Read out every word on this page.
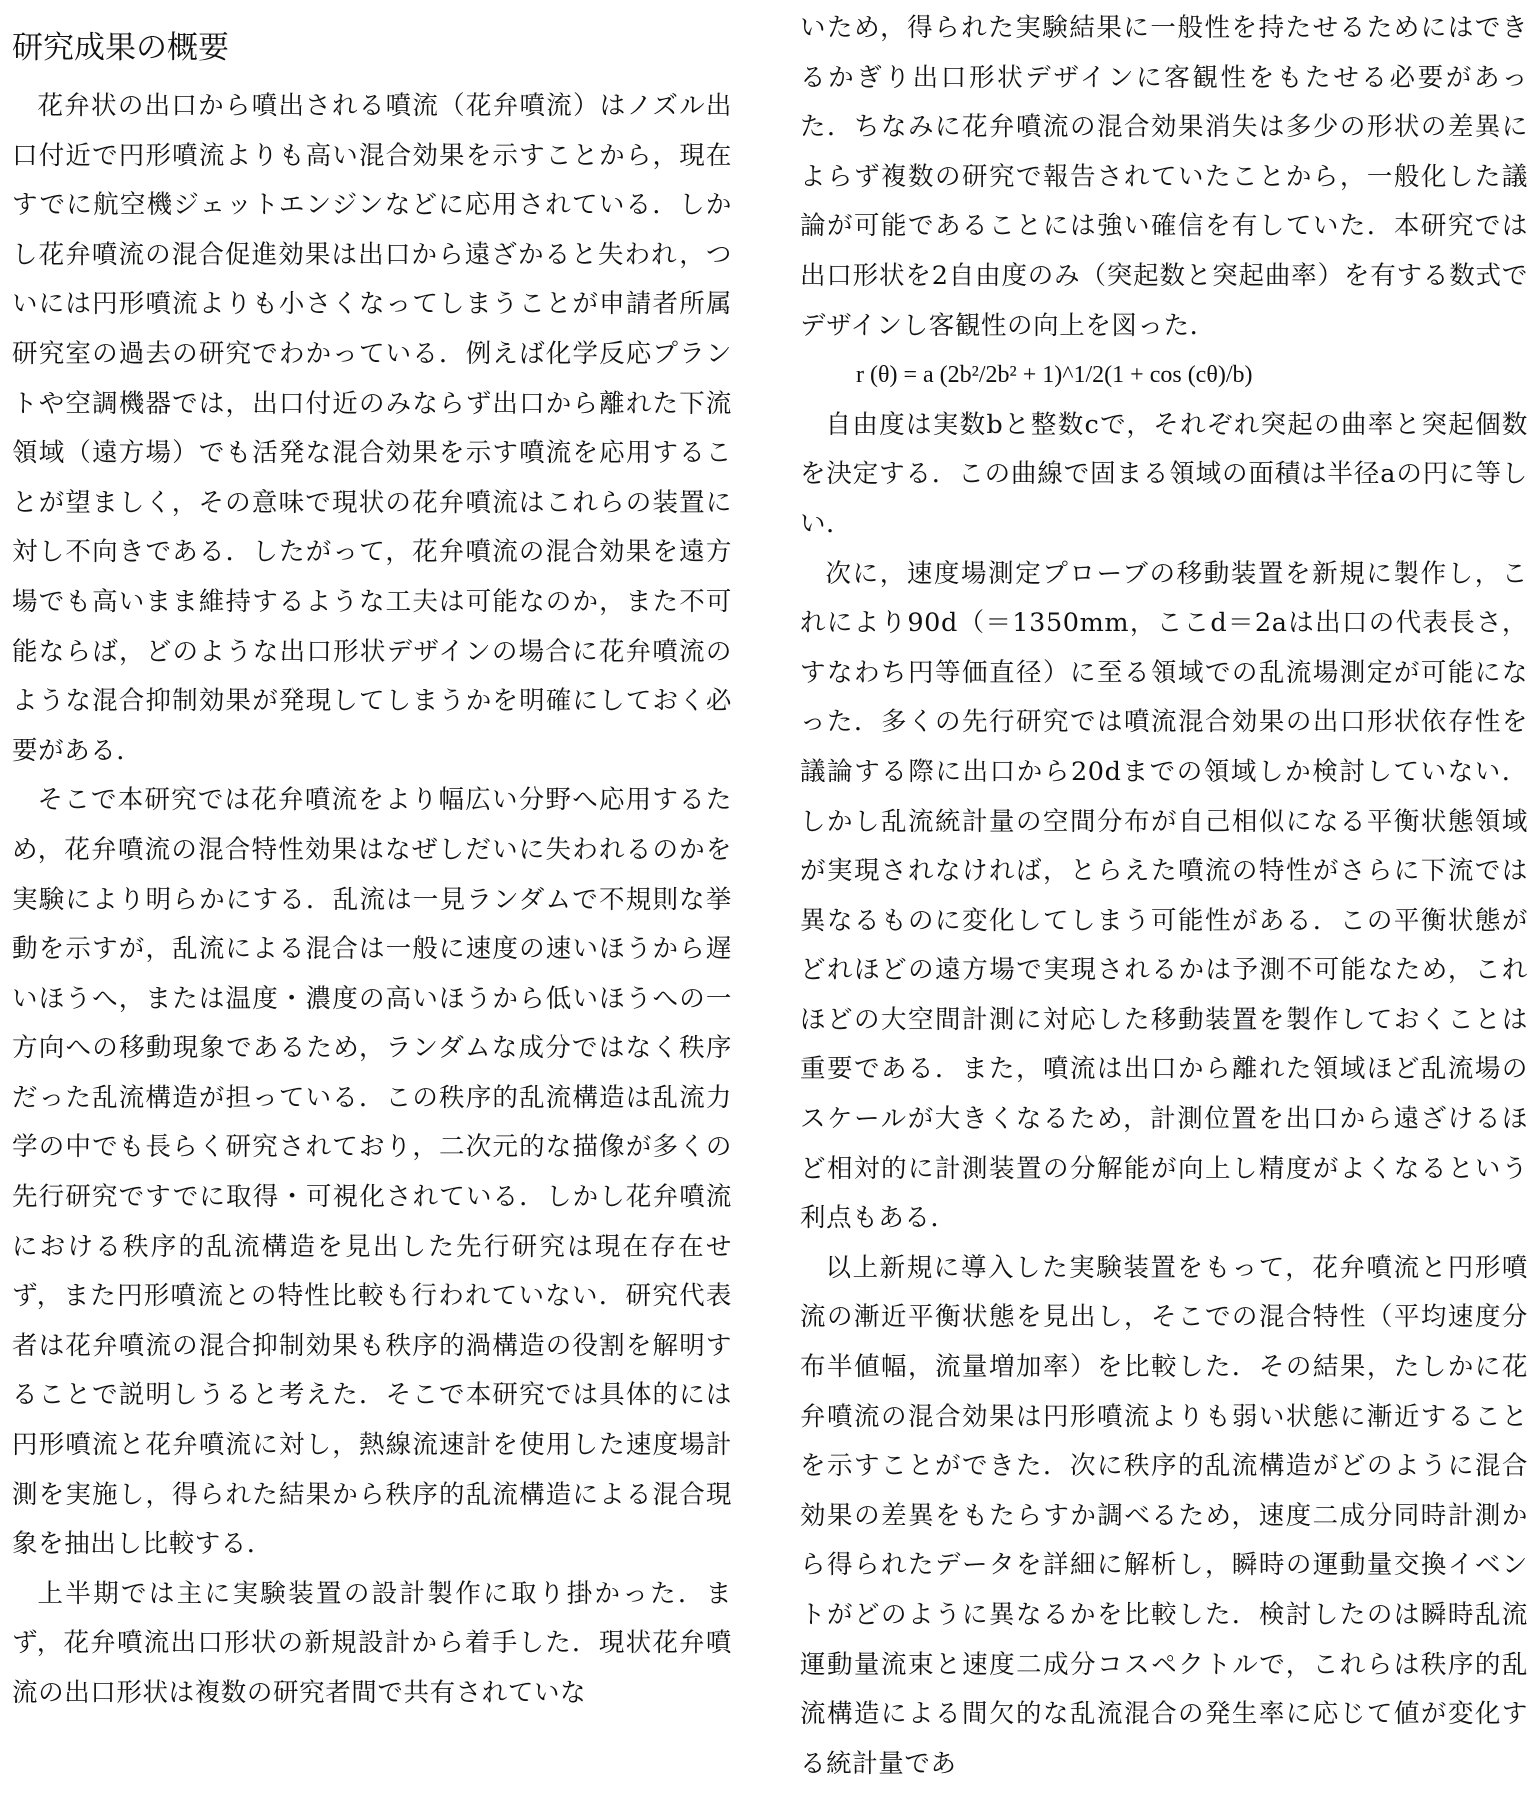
研究成果の概要

花弁状の出口から噴出される噴流（花弁噴流）はノズル出口付近で円形噴流よりも高い混合効果を示すことから，現在すでに航空機ジェットエンジンなどに応用されている．しかし花弁噴流の混合促進効果は出口から遠ざかると失われ，ついには円形噴流よりも小さくなってしまうことが申請者所属研究室の過去の研究でわかっている．例えば化学反応プラントや空調機器では，出口付近のみならず出口から離れた下流領域（遠方場）でも活発な混合効果を示す噴流を応用することが望ましく，その意味で現状の花弁噴流はこれらの装置に対し不向きである．したがって，花弁噴流の混合効果を遠方場でも高いまま維持するような工夫は可能なのか，また不可能ならば，どのような出口形状デザインの場合に花弁噴流のような混合抑制効果が発現してしまうかを明確にしておく必要がある．

そこで本研究では花弁噴流をより幅広い分野へ応用するため，花弁噴流の混合特性効果はなぜしだいに失われるのかを実験により明らかにする．乱流は一見ランダムで不規則な挙動を示すが，乱流による混合は一般に速度の速いほうから遅いほうへ，または温度・濃度の高いほうから低いほうへの一方向への移動現象であるため，ランダムな成分ではなく秩序だった乱流構造が担っている．この秩序的乱流構造は乱流力学の中でも長らく研究されており，二次元的な描像が多くの先行研究ですでに取得・可視化されている．しかし花弁噴流における秩序的乱流構造を見出した先行研究は現在存在せず，また円形噴流との特性比較も行われていない．研究代表者は花弁噴流の混合抑制効果も秩序的渦構造の役割を解明することで説明しうると考えた．そこで本研究では具体的には円形噴流と花弁噴流に対し，熱線流速計を使用した速度場計測を実施し，得られた結果から秩序的乱流構造による混合現象を抽出し比較する．

上半期では主に実験装置の設計製作に取り掛かった．まず，花弁噴流出口形状の新規設計から着手した．現状花弁噴流の出口形状は複数の研究者間で共有されていな

いため，得られた実験結果に一般性を持たせるためにはできるかぎり出口形状デザインに客観性をもたせる必要があった．ちなみに花弁噴流の混合効果消失は多少の形状の差異によらず複数の研究で報告されていたことから，一般化した議論が可能であることには強い確信を有していた．本研究では出口形状を2自由度のみ（突起数と突起曲率）を有する数式でデザインし客観性の向上を図った．

r (θ) = a (2b²/2b² + 1)^1/2(1 + cos (cθ)/b)

自由度は実数bと整数cで，それぞれ突起の曲率と突起個数を決定する．この曲線で固まる領域の面積は半径aの円に等しい．

次に，速度場測定プローブの移動装置を新規に製作し，これにより90d（＝1350mm，ここd＝2aは出口の代表長さ，すなわち円等価直径）に至る領域での乱流場測定が可能になった．多くの先行研究では噴流混合効果の出口形状依存性を議論する際に出口から20dまでの領域しか検討していない．しかし乱流統計量の空間分布が自己相似になる平衡状態領域が実現されなければ，とらえた噴流の特性がさらに下流では異なるものに変化してしまう可能性がある．この平衡状態がどれほどの遠方場で実現されるかは予測不可能なため，これほどの大空間計測に対応した移動装置を製作しておくことは重要である．また，噴流は出口から離れた領域ほど乱流場のスケールが大きくなるため，計測位置を出口から遠ざけるほど相対的に計測装置の分解能が向上し精度がよくなるという利点もある．

以上新規に導入した実験装置をもって，花弁噴流と円形噴流の漸近平衡状態を見出し，そこでの混合特性（平均速度分布半値幅，流量増加率）を比較した．その結果，たしかに花弁噴流の混合効果は円形噴流よりも弱い状態に漸近することを示すことができた．次に秩序的乱流構造がどのように混合効果の差異をもたらすか調べるため，速度二成分同時計測から得られたデータを詳細に解析し，瞬時の運動量交換イベントがどのように異なるかを比較した．検討したのは瞬時乱流運動量流束と速度二成分コスペクトルで，これらは秩序的乱流構造による間欠的な乱流混合の発生率に応じて値が変化する統計量であ
